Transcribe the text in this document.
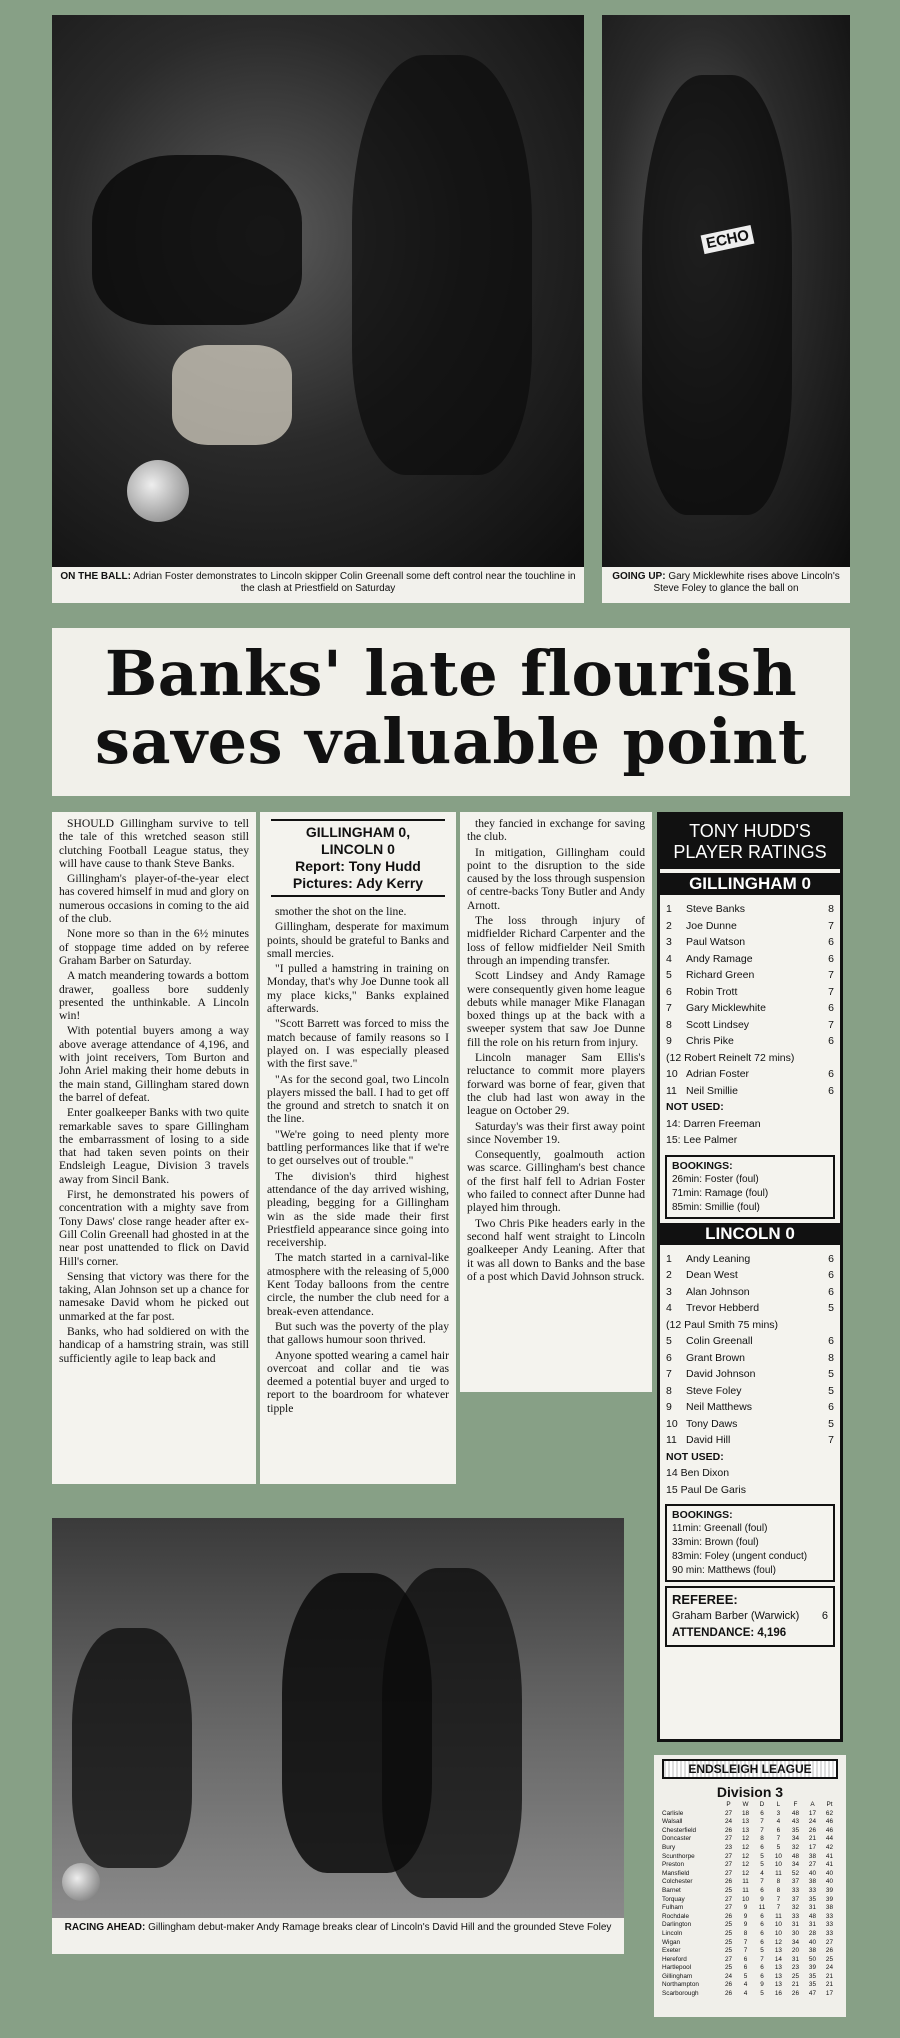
ON THE BALL: Adrian Foster demonstrates to Lincoln skipper Colin Greenall some deft control near the touchline in the clash at Priestfield on Saturday
ECHO
GOING UP: Gary Micklewhite rises above Lincoln's Steve Foley to glance the ball on
Banks' late flourish
saves valuable point

SHOULD Gillingham survive to tell the tale of this wretched season still clutching Football League status, they will have cause to thank Steve Banks.

Gillingham's player-of-the-year elect has covered himself in mud and glory on numerous occasions in coming to the aid of the club.

None more so than in the 6½ minutes of stoppage time added on by referee Graham Barber on Saturday.

A match meandering towards a bottom drawer, goalless bore suddenly presented the unthinkable. A Lincoln win!

With potential buyers among a way above average attendance of 4,196, and with joint receivers, Tom Burton and John Ariel making their home debuts in the main stand, Gillingham stared down the barrel of defeat.

Enter goalkeeper Banks with two quite remarkable saves to spare Gillingham the embarrassment of losing to a side that had taken seven points on their Endsleigh League, Division 3 travels away from Sincil Bank.

First, he demonstrated his powers of concentration with a mighty save from Tony Daws' close range header after ex-Gill Colin Greenall had ghosted in at the near post unattended to flick on David Hill's corner.

Sensing that victory was there for the taking, Alan Johnson set up a chance for namesake David whom he picked out unmarked at the far post.

Banks, who had soldiered on with the handicap of a hamstring strain, was still sufficiently agile to leap back and

GILLINGHAM 0,
LINCOLN 0
Report: Tony Hudd
Pictures: Ady Kerry

smother the shot on the line.

Gillingham, desperate for maximum points, should be grateful to Banks and small mercies.

"I pulled a hamstring in training on Monday, that's why Joe Dunne took all my place kicks," Banks explained afterwards.

"Scott Barrett was forced to miss the match because of family reasons so I played on. I was especially pleased with the first save."

"As for the second goal, two Lincoln players missed the ball. I had to get off the ground and stretch to snatch it on the line.

"We're going to need plenty more battling performances like that if we're to get ourselves out of trouble."

The division's third highest attendance of the day arrived wishing, pleading, begging for a Gillingham win as the side made their first Priestfield appearance since going into receivership.

The match started in a carnival-like atmosphere with the releasing of 5,000 Kent Today balloons from the centre circle, the number the club need for a break-even attendance.

But such was the poverty of the play that gallows humour soon thrived.

Anyone spotted wearing a camel hair overcoat and collar and tie was deemed a potential buyer and urged to report to the boardroom for whatever tipple

they fancied in exchange for saving the club.

In mitigation, Gillingham could point to the disruption to the side caused by the loss through suspension of centre-backs Tony Butler and Andy Arnott.

The loss through injury of midfielder Richard Carpenter and the loss of fellow midfielder Neil Smith through an impending transfer.

Scott Lindsey and Andy Ramage were consequently given home league debuts while manager Mike Flanagan boxed things up at the back with a sweeper system that saw Joe Dunne fill the role on his return from injury.

Lincoln manager Sam Ellis's reluctance to commit more players forward was borne of fear, given that the club had last won away in the league on October 29.

Saturday's was their first away point since November 19.

Consequently, goalmouth action was scarce. Gillingham's best chance of the first half fell to Adrian Foster who failed to connect after Dunne had played him through.

Two Chris Pike headers early in the second half went straight to Lincoln goalkeeper Andy Leaning. After that it was all down to Banks and the base of a post which David Johnson struck.

RACING AHEAD: Gillingham debut-maker Andy Ramage breaks clear of Lincoln's David Hill and the grounded Steve Foley
TONY HUDD'S
PLAYER RATINGS
GILLINGHAM 0
1	Steve Banks	8
2	Joe Dunne	7
3	Paul Watson	6
4	Andy Ramage	6
5	Richard Green	7
6	Robin Trott	7
7	Gary Micklewhite	6
8	Scott Lindsey	7
9	Chris Pike	6
(12 Robert Reinelt 72 mins)
10 Adrian Foster	6
11 Neil Smillie	6
NOT USED:
14: Darren Freeman
15: Lee Palmer
BOOKINGS:
26min: Foster (foul)
71min: Ramage (foul)
85min: Smillie (foul)
LINCOLN 0
1	Andy Leaning	6
2	Dean West	6
3	Alan Johnson	6
4	Trevor Hebberd	5
(12 Paul Smith 75 mins)
5	Colin Greenall	6
6	Grant Brown	8
7	David Johnson	5
8	Steve Foley	5
9	Neil Matthews	6
10 Tony Daws	5
11 David Hill	7
NOT USED:
14 Ben Dixon
15 Paul De Garis
BOOKINGS:
11min: Greenall (foul)
33min: Brown (foul)
83min: Foley (ungent conduct)
90 min: Matthews (foul)
REFEREE:
Graham Barber (Warwick)	6
ATTENDANCE: 4,196
ENDSLEIGH LEAGUE
Division 3
	P	W	D	L	F	A	Pt
Carlisle	27	18	6	3	48	17	62
Walsall	24	13	7	4	43	24	46
Chesterfield	26	13	7	6	35	26	46
Doncaster	27	12	8	7	34	21	44
Bury	23	12	6	5	32	17	42
Scunthorpe	27	12	5	10	48	38	41
Preston	27	12	5	10	34	27	41
Mansfield	27	12	4	11	52	40	40
Colchester	26	11	7	8	37	38	40
Barnet	25	11	6	8	33	33	39
Torquay	27	10	9	7	37	35	39
Fulham	27	9	11	7	32	31	38
Rochdale	26	9	6	11	33	48	33
Darlington	25	9	6	10	31	31	33
Lincoln	25	8	6	10	30	28	33
Wigan	25	7	6	12	34	40	27
Exeter	25	7	5	13	20	38	26
Hereford	27	6	7	14	31	50	25
Hartlepool	25	6	6	13	23	39	24
Gillingham	24	5	6	13	25	35	21
Northampton	26	4	9	13	21	35	21
Scarborough	26	4	5	16	26	47	17
